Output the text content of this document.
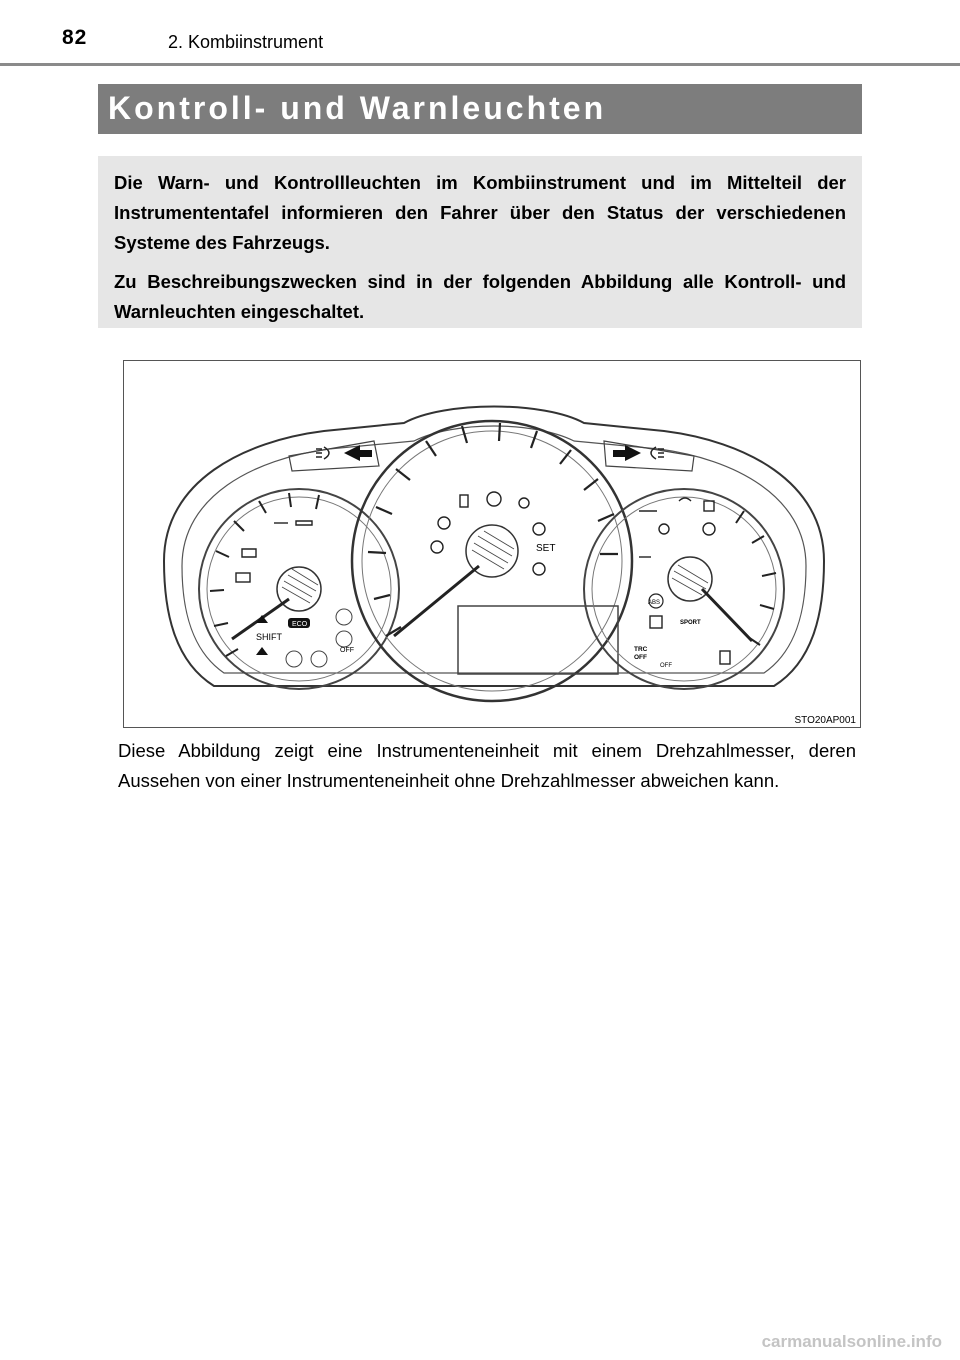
82	2. Kombiinstrument
Kontroll- und Warnleuchten

Die Warn- und Kontrollleuchten im Kombiinstrument und im Mittelteil der Instrumententafel informieren den Fahrer über den Status der verschiedenen Systeme des Fahrzeugs.

Zu Beschreibungszwecken sind in der folgenden Abbildung alle Kontroll- und Warnleuchten eingeschaltet.

SHIFT
ECO
OFF
SET
ABS
SPORT
TRC
OFF
OFF
STO20AP001

Diese Abbildung zeigt eine Instrumenteneinheit mit einem Drehzahlmesser, deren Aussehen von einer Instrumenteneinheit ohne Drehzahlmesser abweichen kann.

carmanualsonline.info
